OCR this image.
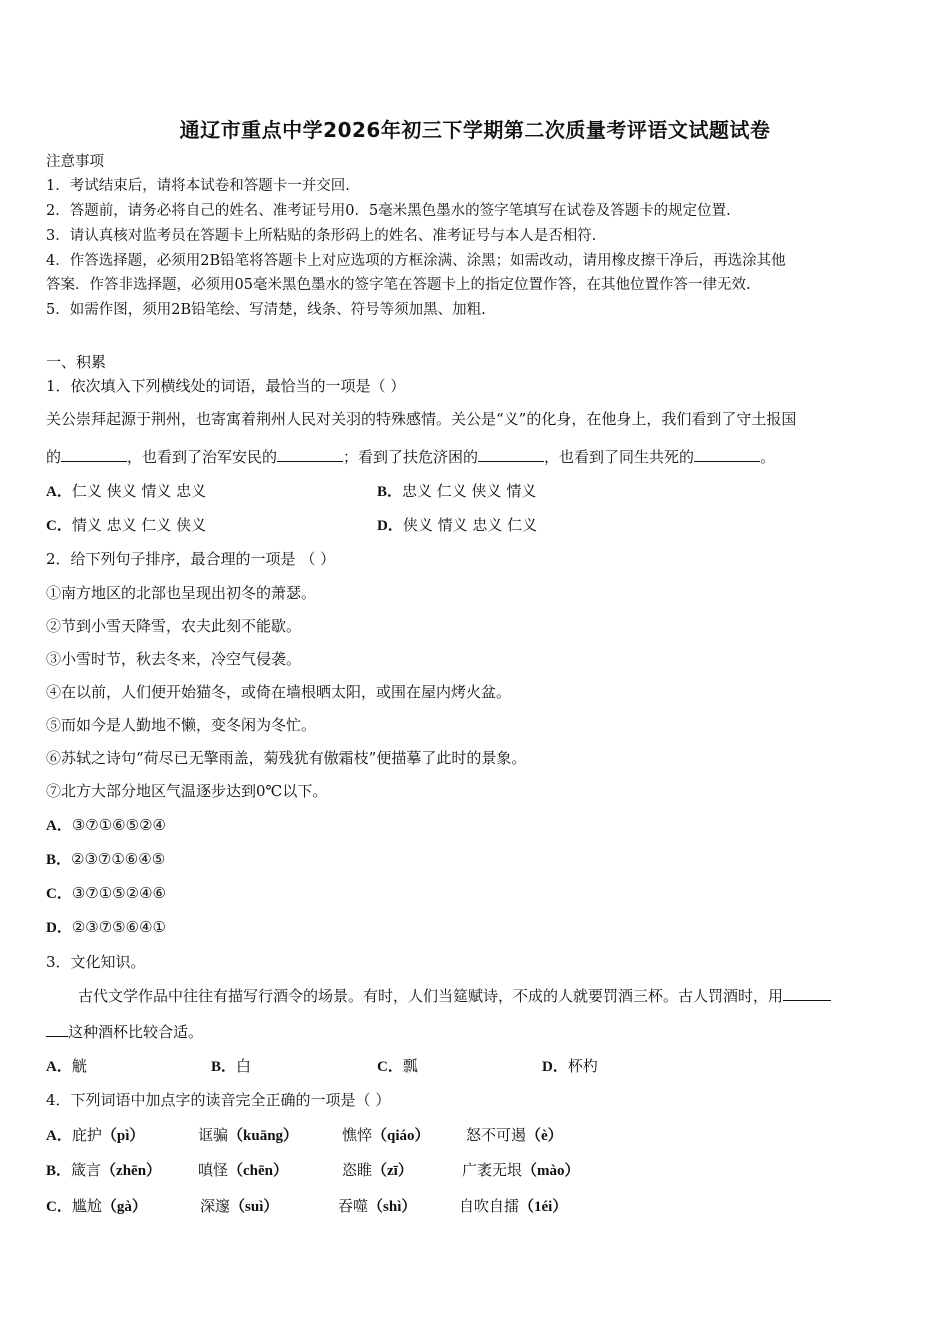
通辽市重点中学2026年初三下学期第二次质量考评语文试题试卷
注意事项
1．考试结束后，请将本试卷和答题卡一并交回.
2．答题前，请务必将自己的姓名、准考证号用0．5毫米黑色墨水的签字笔填写在试卷及答题卡的规定位置.
3．请认真核对监考员在答题卡上所粘贴的条形码上的姓名、准考证号与本人是否相符.
4．作答选择题，必须用2B铅笔将答题卡上对应选项的方框涂满、涂黑；如需改动，请用橡皮擦干净后，再选涂其他
答案．作答非选择题，必须用05毫米黑色墨水的签字笔在答题卡上的指定位置作答，在其他位置作答一律无效.
5．如需作图，须用2B铅笔绘、写清楚，线条、符号等须加黑、加粗.
一、积累
1．依次填入下列横线处的词语，最恰当的一项是（ ）
关公崇拜起源于荆州，也寄寓着荆州人民对关羽的特殊感情。关公是“义”的化身，在他身上，我们看到了守土报国
的	，也看到了治军安民的	；看到了扶危济困的	，也看到了同生共死的	。
A．仁义 侠义 情义 忠义	B．忠义 仁义 侠义 情义
C．情义 忠义 仁义 侠义	D．侠义 情义 忠义 仁义
2．给下列句子排序，最合理的一项是 （ ）
①南方地区的北部也呈现出初冬的萧瑟。
②节到小雪天降雪，农夫此刻不能歇。
③小雪时节，秋去冬来，冷空气侵袭。
④在以前，人们便开始猫冬，或倚在墙根晒太阳，或围在屋内烤火盆。
⑤而如今是人勤地不懒，变冬闲为冬忙。
⑥苏轼之诗句“荷尽已无擎雨盖，菊残犹有傲霜枝”便描摹了此时的景象。
⑦北方大部分地区气温逐步达到0℃以下。
A．③⑦①⑥⑤②④
B．②③⑦①⑥④⑤
C．③⑦①⑤②④⑥
D．②③⑦⑤⑥④①
3．文化知识。
古代文学作品中往往有描写行酒令的场景。有时，人们当筵赋诗，不成的人就要罚酒三杯。古人罚酒时，用
这种酒杯比较合适。
A．觥	B．白	C．瓢	D．杯杓
4．下列词语中加点字的读音完全正确的一项是（ ）
A．庇护（pì）	诓骗（kuāng）	憔悴（qiáo） 怒不可遏（è）
B．箴言（zhēn） 嗔怪（chēn）	恣睢（zī）	广袤无垠（mào）
C．尴尬（gà）	深邃（suì）	吞噬（shì）	自吹自擂（1éi）
